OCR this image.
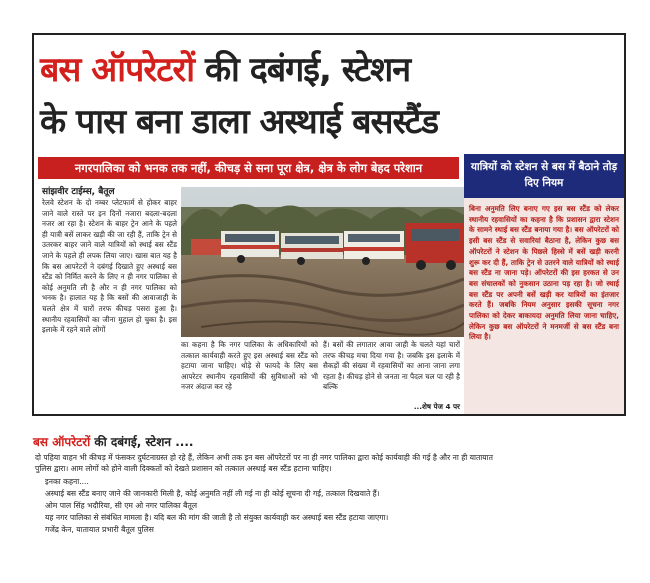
बस ऑपरेटरों की दबंगई, स्टेशन
के पास बना डाला अस्थाई बसस्टैंड
नगरपालिका को भनक तक नहीं, कीचड़ से सना पूरा क्षेत्र, क्षेत्र के लोग बेहद परेशान
सांझवीर टाईम्स, बैतूल
रेलवे स्टेशन के दो नम्बर प्लेटफार्म से होकर बाहर जाने वाले रास्ते पर इन दिनों नजारा बदला-बदला नजर आ रहा है। स्टेशन के बाहर ट्रेन आने के पहले ही यात्री बसें लाकर खड़ी की जा रही हैं, ताकि ट्रेन से उतरकर बाहर जाने वाले यात्रियों को स्थाई बस स्टैंड जाने के पहले ही लपक लिया जाए। खास बात यह है कि बस आपरेटरों ने दबंगई दिखाते हुए अस्थाई बस स्टैंड को निर्मित करने के लिए न ही नगर पालिका से कोई अनुमति ली है और न ही नगर पालिका को भनक है। हालात यह है कि बसों की आवाजाही के चलते क्षेत्र में चारों तरफ कीचड़ पसरा हुआ है। स्थानीय रहवासियों का जीना मुहाल हो चुका है। इस इलाके में रहने वाले लोगों
का कहना है कि नगर पालिका के अधिकारियों को तत्काल कार्यवाही करते हुए इस अस्थाई बस स्टैंड को हटाया जाना चाहिए। थोड़े से फायदे के लिए बस आपरेटर स्थानीय रहवासियों की सुविधाओं को भी नजर अंदाज कर रहे
हैं। बसों की लगातार आवा जाही के चलते यहां चारों तरफ कीचड़ मचा दिया गया है। जबकि इस इलाके में सैकड़ों की संख्या में रहवासियों का आना जाना लगा रहता है। कीचड़ होने से जनता ना पैदल चल पा रही है बल्कि
...शेष पेज 4 पर
यात्रियों को स्टेशन से बस में बैठाने तोड़ दिए नियम
बिना अनुमति लिए बनाए गए इस बस स्टैंड को लेकर स्थानीय रहवासियों का कहना है कि प्रशासन द्वारा स्टेशन के सामने स्थाई बस स्टैंड बनाया गया है। बस ऑपरेटरों को इसी बस स्टैंड से सवारियां बैठाना है, लेकिन कुछ बस ऑपरेटरों ने स्टेशन के पिछले हिस्से में बसें खड़ी करनी शुरू कर दी हैं, ताकि ट्रेन से उतरने वाले यात्रियों को स्थाई बस स्टैंड ना जाना पड़े। ऑपरेटरों की इस हरकत से उन बस संचालकों को नुकसान उठाना पड़ रहा है। जो स्थाई बस स्टैंड पर अपनी बसें खड़ी कर यात्रियों का इंतजार करते हैं। जबकि नियम अनुसार इसकी सूचना नगर पालिका को देकर बाकायदा अनुमति लिया जाना चाहिए, लेकिन कुछ बस ऑपरेटरों ने मनमर्जी से बस स्टैंड बना लिया है।
बस ऑपरेटरों की दबंगई, स्टेशन ....
दो पहिया वाहन भी कीचड़ में फंसकर दुर्घटनाग्रस्त हो रहे हैं, लेकिन अभी तक इन बस ऑपरेटरों पर ना ही नगर पालिका द्वारा कोई कार्यवाही की गई है और ना ही यातायात
पुलिस द्वारा। आम लोगों को होने वाली दिक्कतों को देखते प्रशासन को तत्काल अस्थाई बस स्टैंड हटाना चाहिए।
इनका कहना....
अस्थाई बस स्टैंड बनाए जाने की जानकारी मिली है, कोई अनुमति नहीं ली गई ना ही कोई सूचना दी गई, तत्काल दिखवाते हैं।
ओम पाल सिंह भदौरिया, सी एम ओ नगर पालिका बैतूल
यह नगर पालिका से संबंधित मामला है। यदि बल की मांग की जाती है तो संयुक्त कार्यवाही कर अस्थाई बस स्टैंड हटाया जाएगा।
गजेंद्र केन, यातायात प्रभारी बैतूल पुलिस
